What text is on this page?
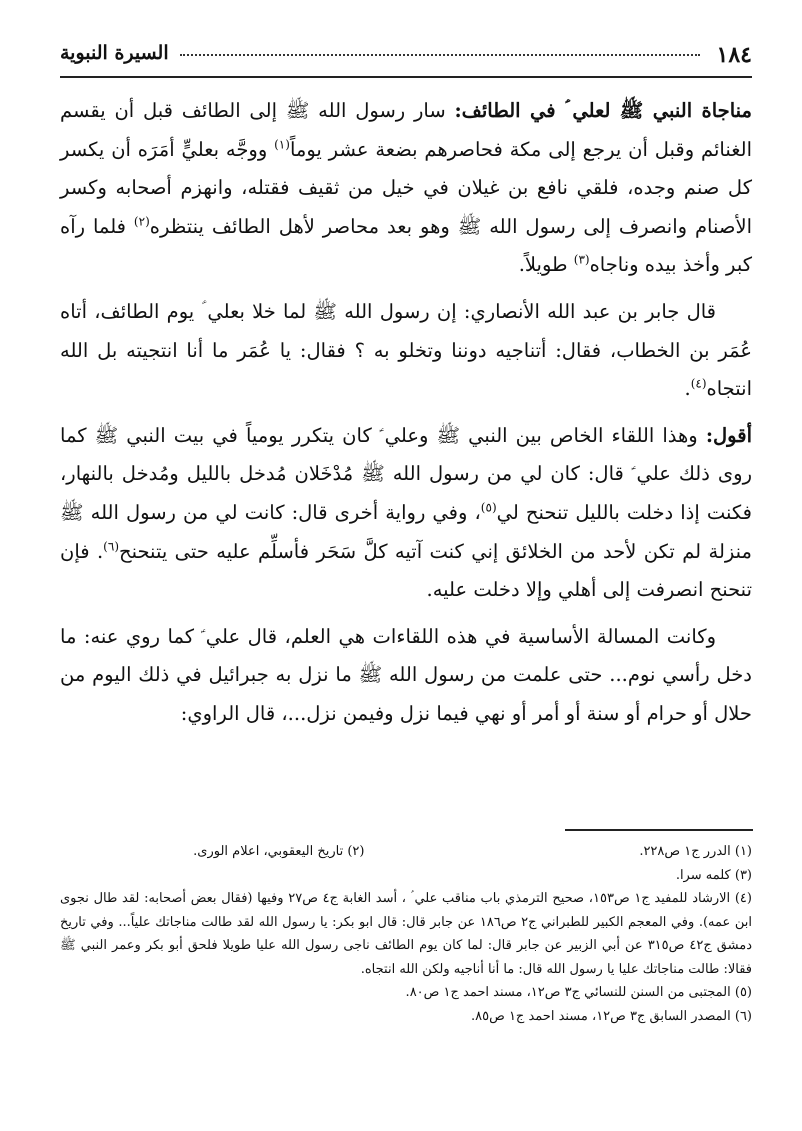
١٨٤
السيرة النبوية

مناجاة النبي ﷺ لعلي ؑ في الطائف: سار رسول الله ﷺ إلى الطائف قبل أن يقسم الغنائم وقبل أن يرجع إلى مكة فحاصرهم بضعة عشر يوماً$^{(١)}$ ووجَّه بعليٍّ أمَرَه أن يكسر كل صنم وجده، فلقي نافع بن غيلان في خيل من ثقيف فقتله، وانهزم أصحابه وكسر الأصنام وانصرف إلى رسول الله ﷺ وهو بعد محاصر لأهل الطائف ينتظره$^{(٢)}$ فلما رآه كبر وأخذ بيده وناجاه$^{(٣)}$ طويلاً.

قال جابر بن عبد الله الأنصاري: إن رسول الله ﷺ لما خلا بعلي ؑ يوم الطائف، أتاه عُمَر بن الخطاب، فقال: أتناجيه دوننا وتخلو به ؟ فقال: يا عُمَر ما أنا انتجيته بل الله انتجاه$^{(٤)}$.

أقول: وهذا اللقاء الخاص بين النبي ﷺ وعلي ؑ كان يتكرر يومياً في بيت النبي ﷺ كما روى ذلك علي ؑ قال: كان لي من رسول الله ﷺ مُدْخَلان مُدخل بالليل ومُدخل بالنهار، فكنت إذا دخلت بالليل تنحنح لي$^{(٥)}$، وفي رواية أخرى قال: كانت لي من رسول الله ﷺ منزلة لم تكن لأحد من الخلائق إني كنت آتيه كلَّ سَحَر فأسلِّم عليه حتى يتنحنح$^{(٦)}$. فإن تنحنح انصرفت إلى أهلي وإلا دخلت عليه.

وكانت المسالة الأساسية في هذه اللقاءات هي العلم، قال علي ؑ كما روي عنه: ما دخل رأسي نوم... حتى علمت من رسول الله ﷺ ما نزل به جبرائيل في ذلك اليوم من حلال أو حرام أو سنة أو أمر أو نهي فيما نزل وفيمن نزل...، قال الراوي:

(١) الدرر ج١ ص٢٢٨.
(٢) تاريخ اليعقوبي، اعلام الورى.

(٣) كلمه سرا.

(٤) الارشاد للمفيد ج١ ص١٥٣، صحيح الترمذي باب مناقب علي ؑ ، أسد الغابة ج٤ ص٢٧ وفيها (فقال بعض أصحابه: لقد طال نجوى ابن عمه). وفي المعجم الكبير للطبراني ج٢ ص١٨٦ عن جابر قال: قال ابو بكر: يا رسول الله لقد طالت مناجاتك علياً... وفي تاريخ دمشق ج٤٢ ص٣١٥ عن أبي الزبير عن جابر قال: لما كان يوم الطائف ناجى رسول الله عليا طويلا فلحق أبو بكر وعمر النبي ﷺ فقالا: طالت مناجاتك عليا يا رسول الله قال: ما أنا أناجيه ولكن الله انتجاه.

(٥) المجتبى من السنن للنسائي ج٣ ص١٢، مسند احمد ج١ ص٨٠.

(٦) المصدر السابق ج٣ ص١٢، مسند احمد ج١ ص٨٥.
